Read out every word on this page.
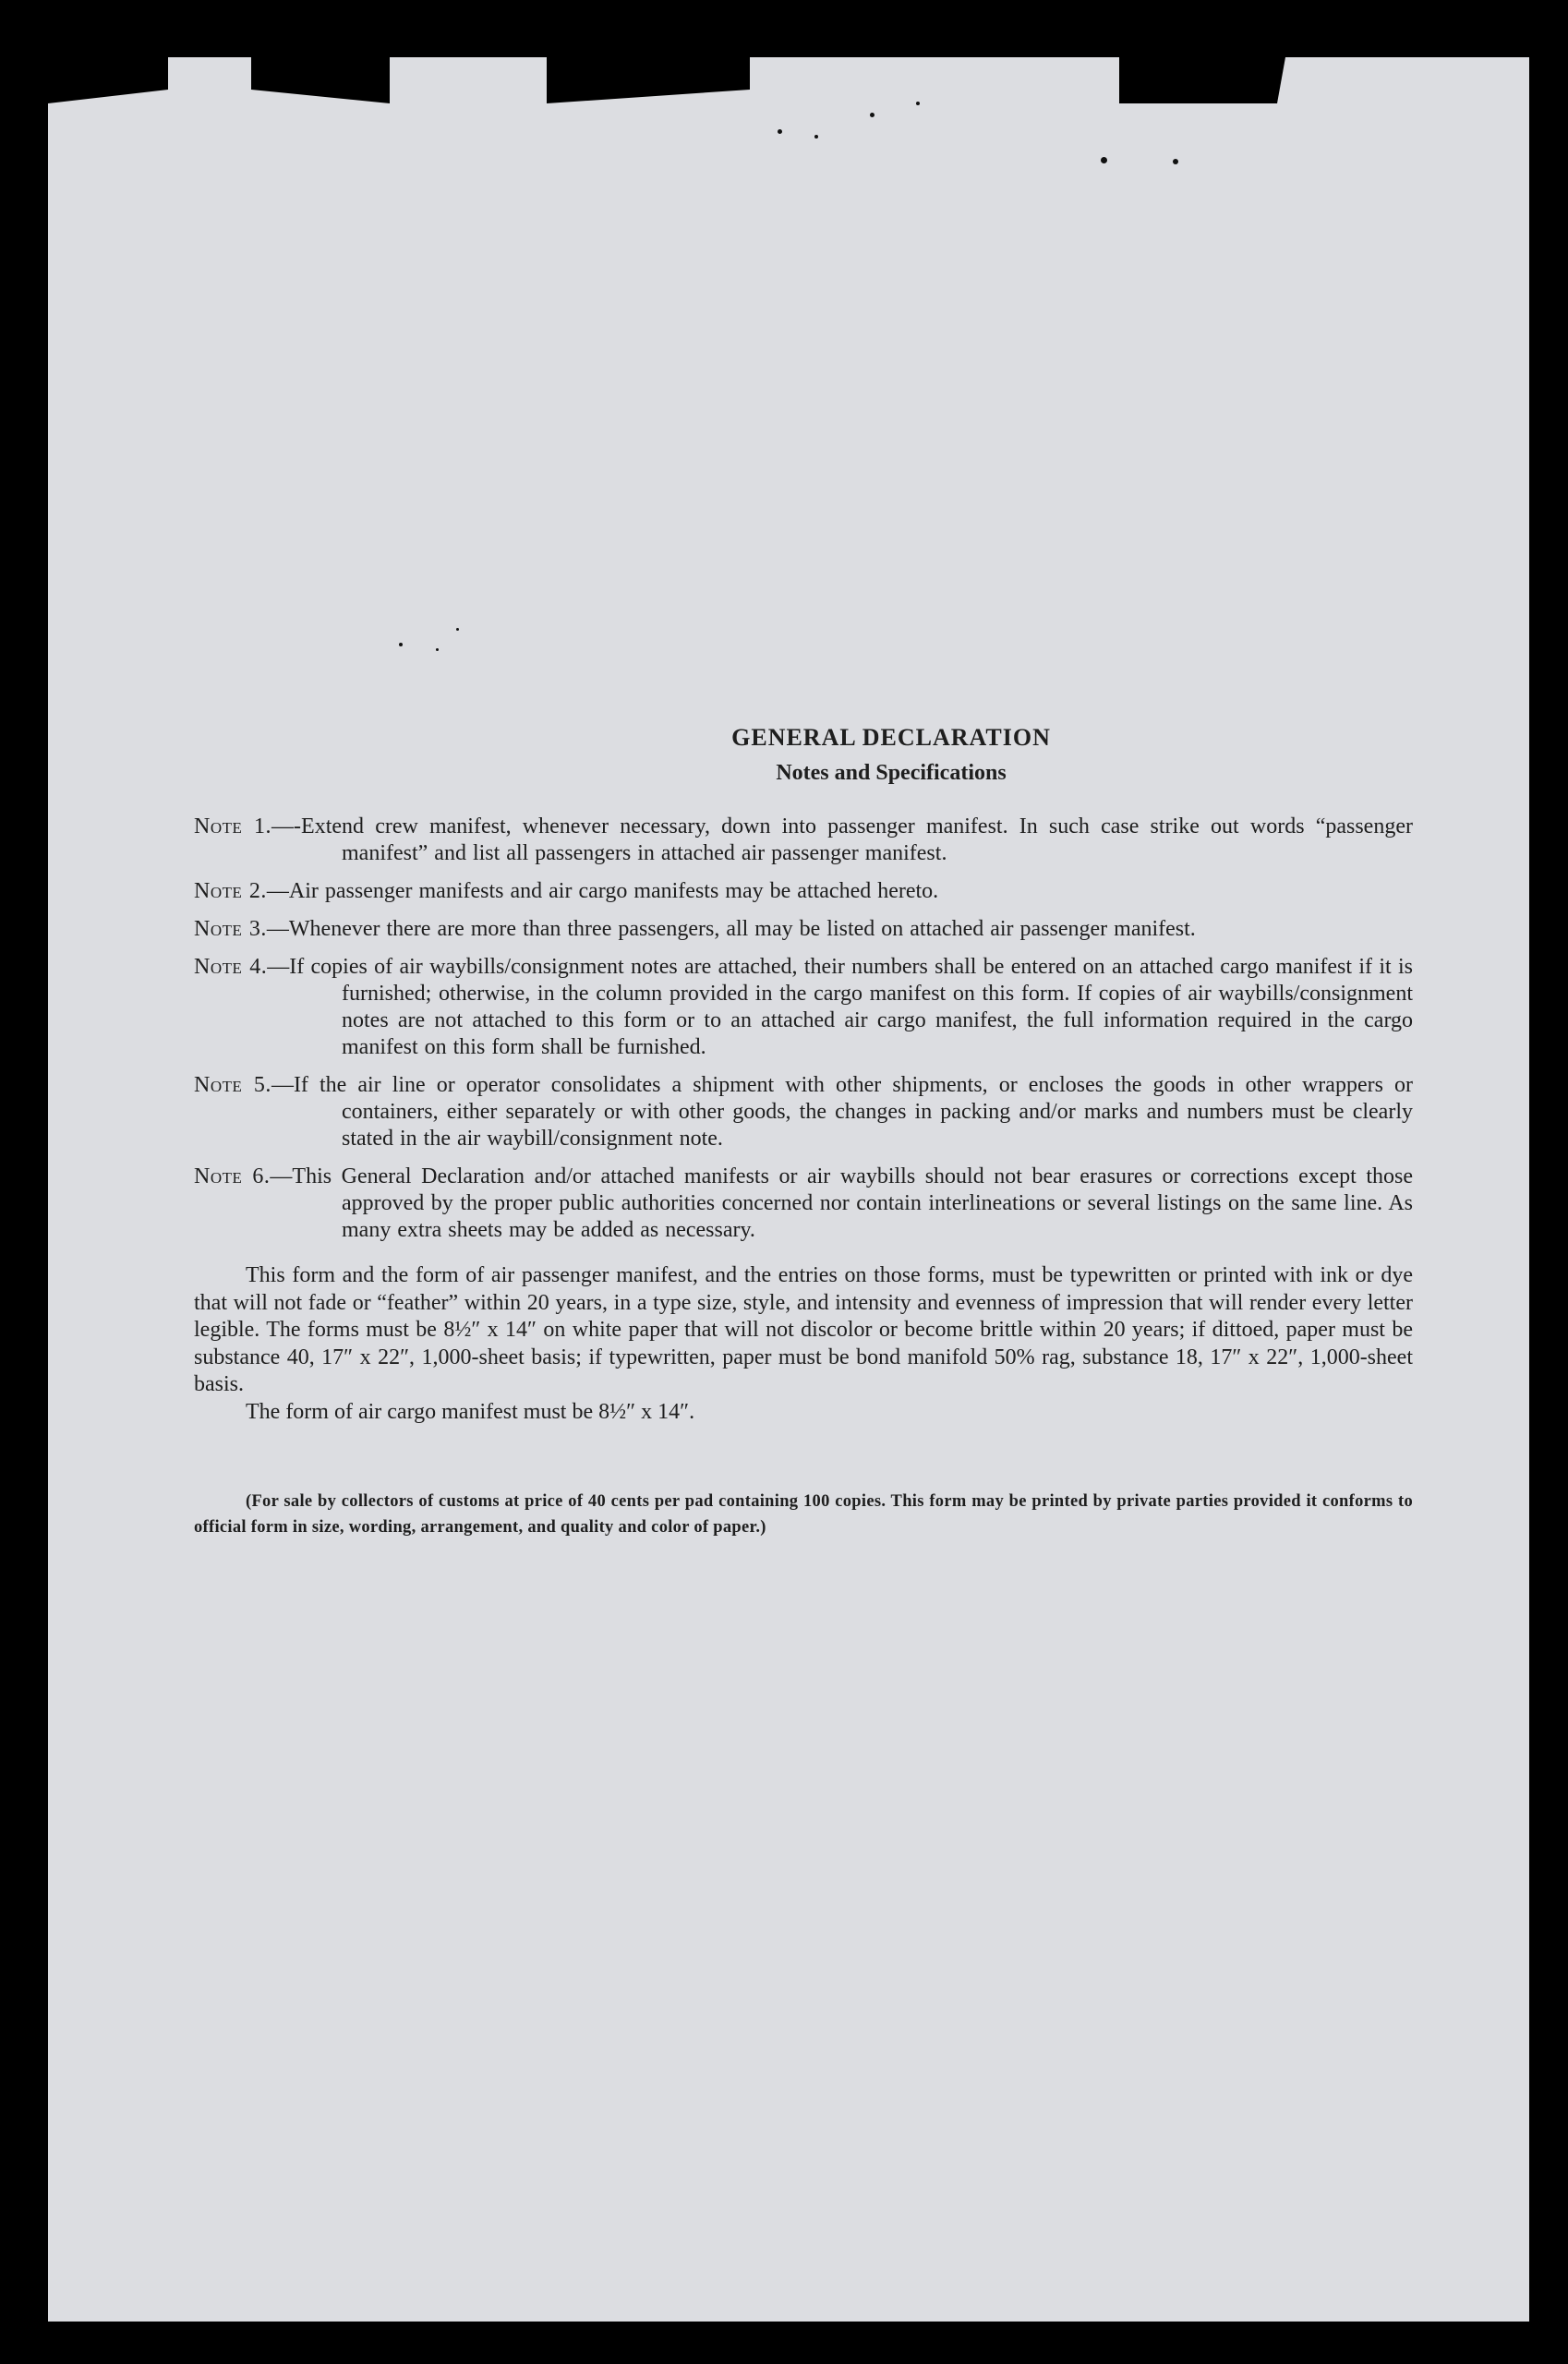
GENERAL DECLARATION
Notes and Specifications

Note 1.—-Extend crew manifest, whenever necessary, down into passenger manifest. In such case strike out words “passenger manifest” and list all passengers in attached air passenger manifest.

Note 2.—Air passenger manifests and air cargo manifests may be attached hereto.

Note 3.—Whenever there are more than three passengers, all may be listed on attached air passenger manifest.

Note 4.—If copies of air waybills/consignment notes are attached, their numbers shall be entered on an attached cargo manifest if it is furnished; otherwise, in the column provided in the cargo manifest on this form. If copies of air waybills/consignment notes are not attached to this form or to an attached air cargo manifest, the full information required in the cargo manifest on this form shall be furnished.

Note 5.—If the air line or operator consolidates a shipment with other shipments, or encloses the goods in other wrappers or containers, either separately or with other goods, the changes in packing and/or marks and numbers must be clearly stated in the air waybill/consignment note.

Note 6.—This General Declaration and/or attached manifests or air waybills should not bear erasures or corrections except those approved by the proper public authorities concerned nor contain interlineations or several listings on the same line. As many extra sheets may be added as necessary.

This form and the form of air passenger manifest, and the entries on those forms, must be typewritten or printed with ink or dye that will not fade or “feather” within 20 years, in a type size, style, and intensity and evenness of impression that will render every letter legible. The forms must be 8½″ x 14″ on white paper that will not discolor or become brittle within 20 years; if dittoed, paper must be substance 40, 17″ x 22″, 1,000-sheet basis; if typewritten, paper must be bond manifold 50% rag, substance 18, 17″ x 22″, 1,000-sheet basis.

The form of air cargo manifest must be 8½″ x 14″.

(For sale by collectors of customs at price of 40 cents per pad containing 100 copies. This form may be printed by private parties provided it conforms to official form in size, wording, arrangement, and quality and color of paper.)
